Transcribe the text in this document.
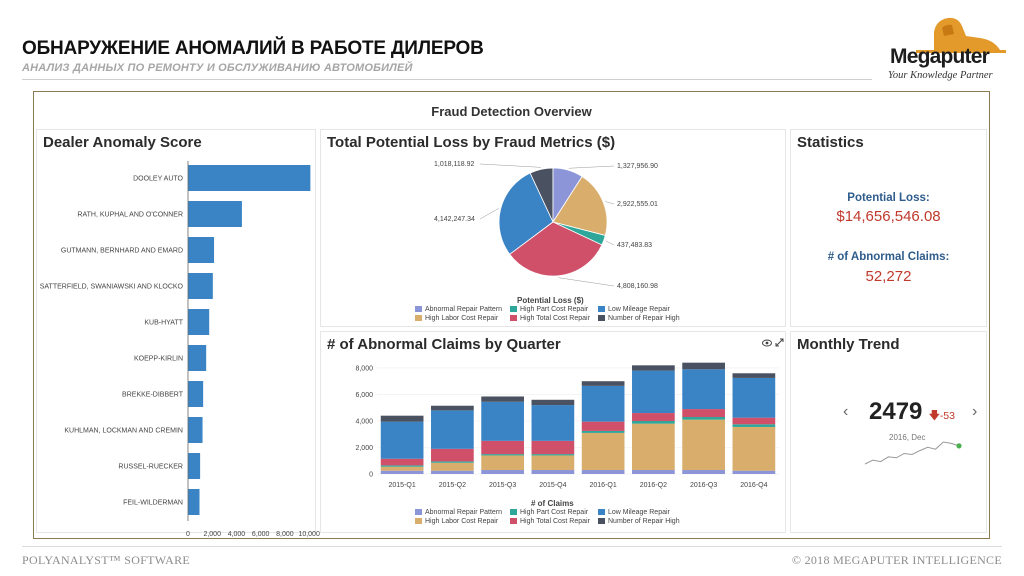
ОБНАРУЖЕНИЕ АНОМАЛИЙ В РАБОТЕ ДИЛЕРОВ
АНАЛИЗ ДАННЫХ ПО РЕМОНТУ И ОБСЛУЖИВАНИЮ АВТОМОБИЛЕЙ	Megaputer
Your Knowledge Partner
Fraud Detection Overview
Dealer Anomaly Score
DOOLEY AUTO
RATH, KUPHAL AND O'CONNER
GUTMANN, BERNHARD AND EMARD
SATTERFIELD, SWANIAWSKI AND KLOCKO
KUB-HYATT
KOEPP-KIRLIN
BREKKE-DIBBERT
KUHLMAN, LOCKMAN AND CREMIN
RUSSEL-RUECKER
FEIL-WILDERMAN
0 2,000 4,000 6,000 8,000 10,000
Total Potential Loss by Fraud Metrics ($)
4,142,247.34
1,018,118.92	1,327,956.90
2,922,555.01
437,483.83
4,808,160.98
Potential Loss ($)
Abnormal Repair Pattern	High Part Cost Repair	Low Mileage Repair
High Labor Cost Repair	High Total Cost Repair	Number of Repair High
Statistics
Potential Loss:
$14,656,546.08
# of Abnormal Claims:
52,272
# of Abnormal Claims by Quarter
0
2,000
4,000
6,000
8,000
2015-Q1	2015-Q2	2015-Q3	2015-Q4	2016-Q1	2016-Q2	2016-Q3	2016-Q4
# of Claims
Abnormal Repair Pattern	High Part Cost Repair	Low Mileage Repair
High Labor Cost Repair	High Total Cost Repair	Number of Repair High
Monthly Trend
‹	›
2479 🡇-53
2016, Dec
POLYANALYST™ SOFTWARE	© 2018 MEGAPUTER INTELLIGENCE
